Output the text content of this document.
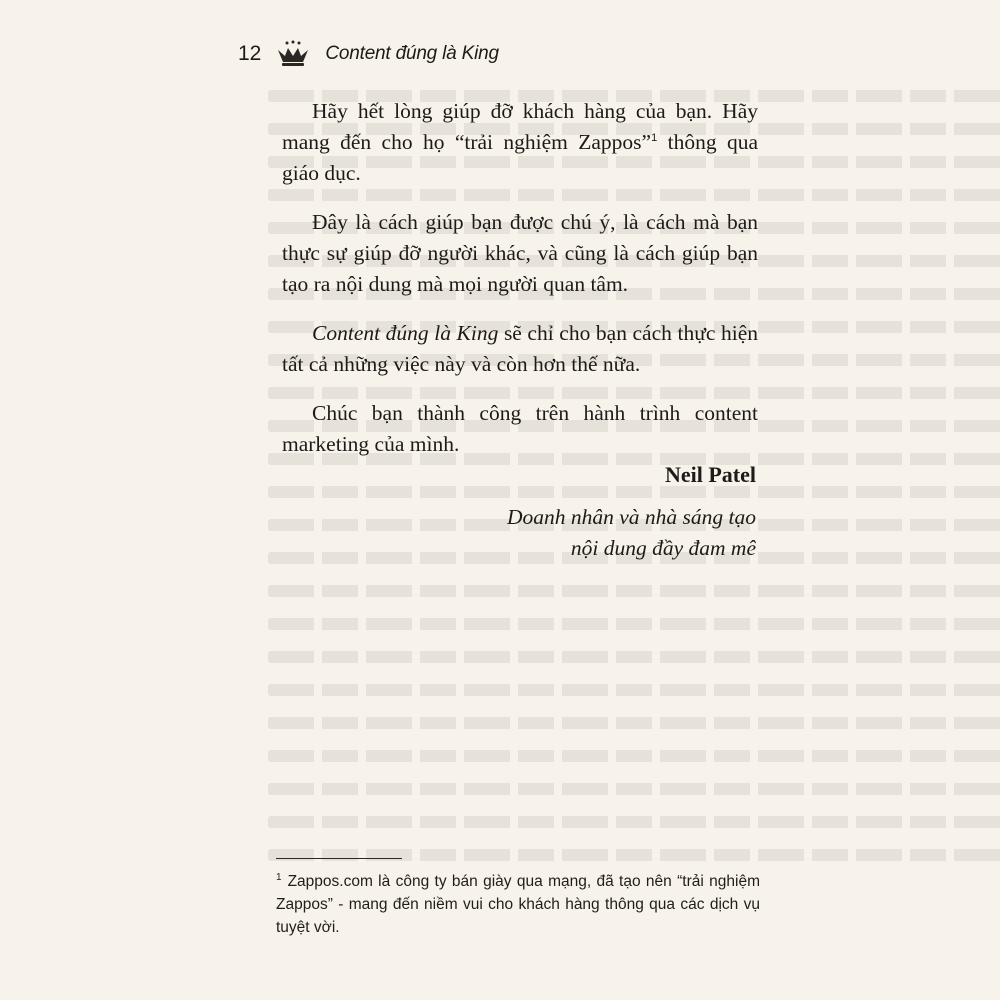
12	Content đúng là King

Hãy hết lòng giúp đỡ khách hàng của bạn. Hãy mang đến cho họ “trải nghiệm Zappos”$^1$ thông qua giáo dục.

Đây là cách giúp bạn được chú ý, là cách mà bạn thực sự giúp đỡ người khác, và cũng là cách giúp bạn tạo ra nội dung mà mọi người quan tâm.

Content đúng là King sẽ chỉ cho bạn cách thực hiện tất cả những việc này và còn hơn thế nữa.

Chúc bạn thành công trên hành trình content marketing của mình.

Neil Patel
Doanh nhân và nhà sáng tạo
nội dung đầy đam mê
$^1$ Zappos.com là công ty bán giày qua mạng, đã tạo nên “trải nghiệm Zappos” - mang đến niềm vui cho khách hàng thông qua các dịch vụ tuyệt vời.
